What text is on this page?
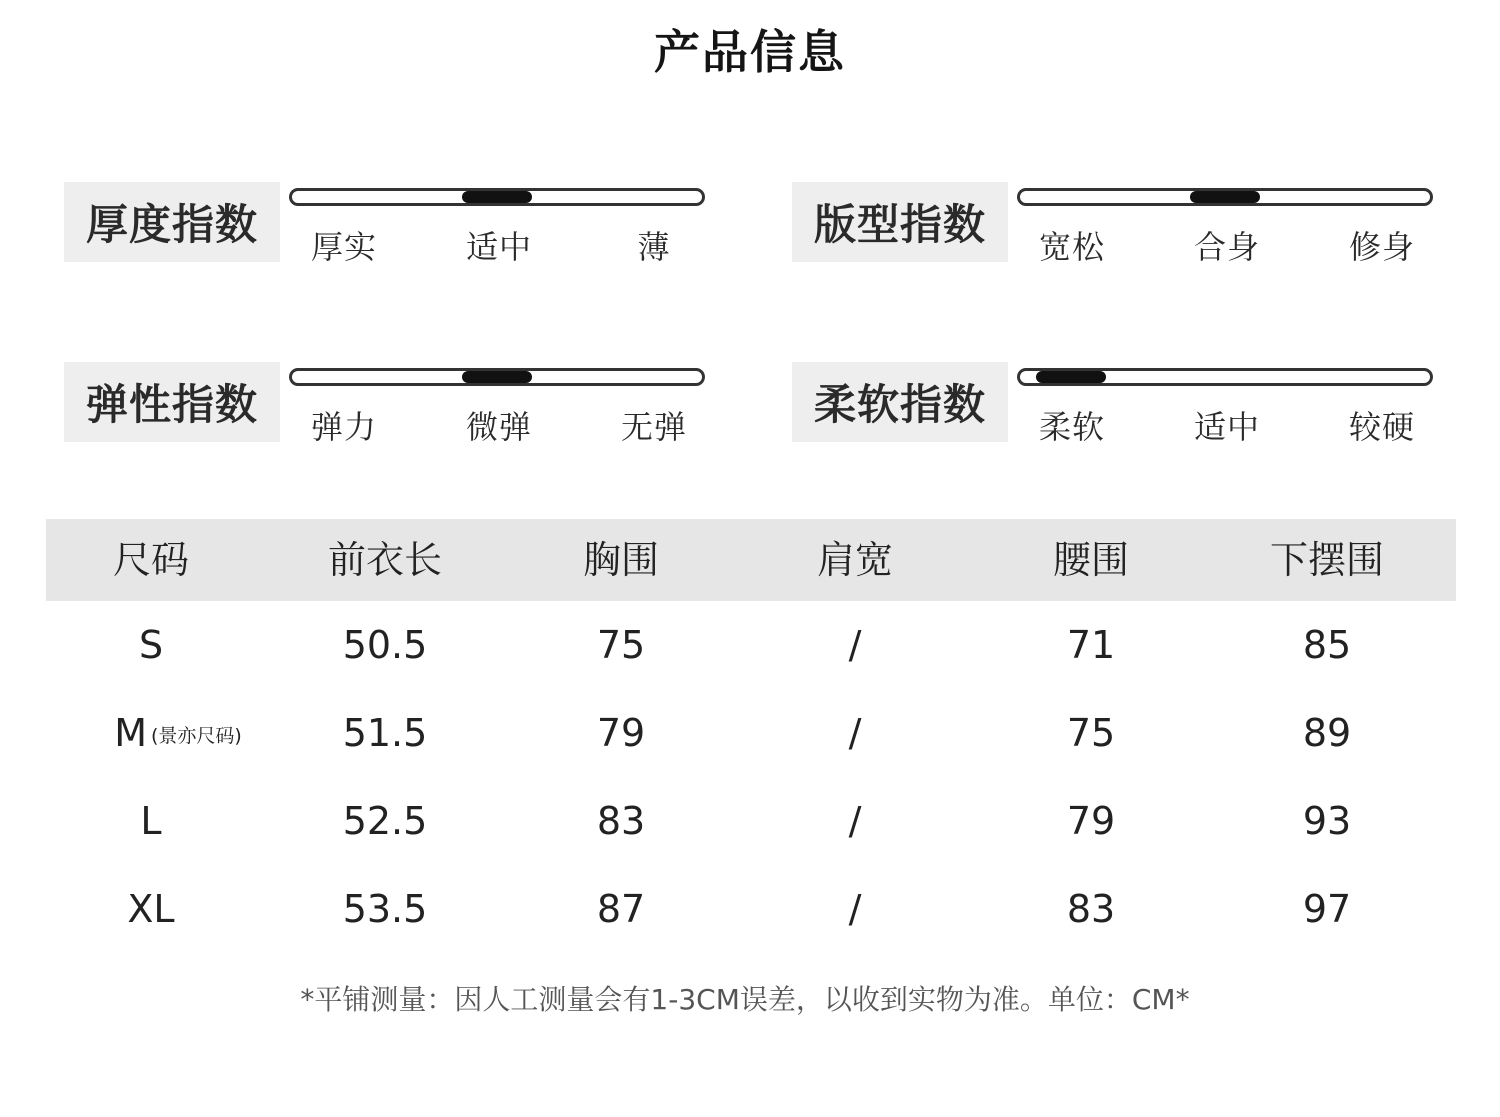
产品信息
厚度指数	厚实	适中	薄	版型指数	宽松	合身	修身
弹性指数	弹力	微弹	无弹	柔软指数	柔软	适中	较硬
尺码	前衣长	胸围	肩宽	腰围	下摆围
S	50.5	75	/	71	85
M (景亦尺码)	51.5	79	/	75	89
L	52.5	83	/	79	93
XL	53.5	87	/	83	97
*平铺测量：因人工测量会有1-3CM误差，以收到实物为准。单位：CM*
